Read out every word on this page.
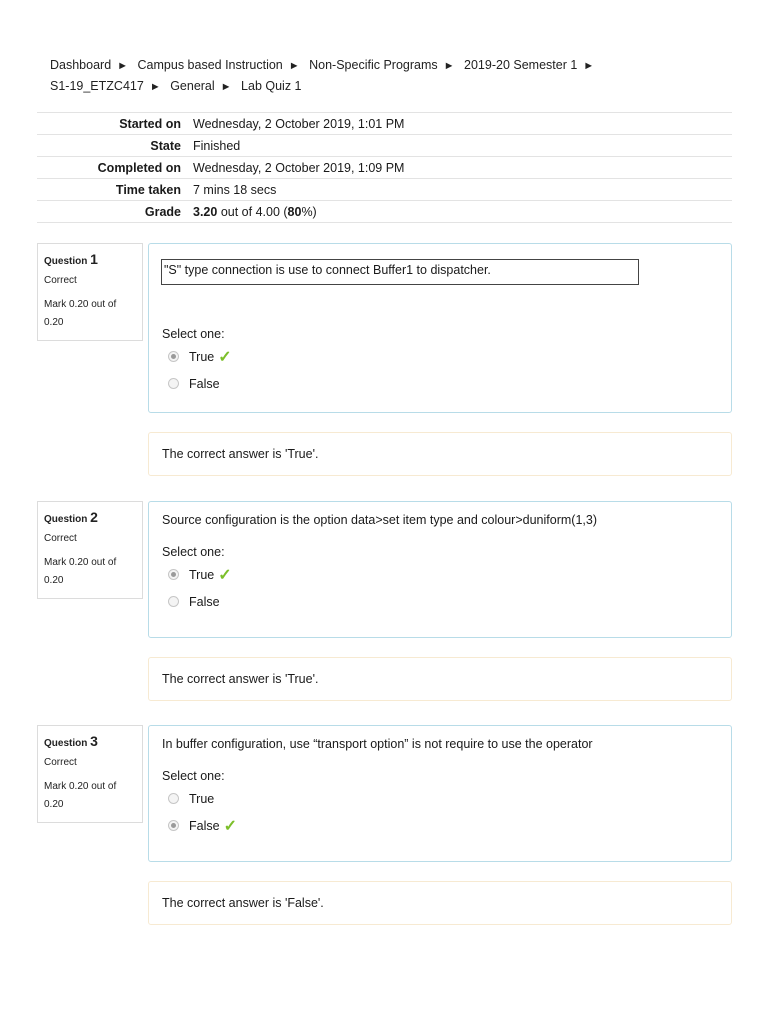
Dashboard ► Campus based Instruction ► Non-Specific Programs ► 2019-20 Semester 1 ►
S1-19_ETZC417 ► General ► Lab Quiz 1
Started on	Wednesday, 2 October 2019, 1:01 PM
State	Finished
Completed on	Wednesday, 2 October 2019, 1:09 PM
Time taken	7 mins 18 secs
Grade	3.20 out of 4.00 (80%)
Question 1
Correct
Mark 0.20 out of 0.20
"S" type connection is use to connect Buffer1 to dispatcher.
Select one:
True ✓
False
The correct answer is 'True'.
Question 2
Correct
Mark 0.20 out of 0.20
Source configuration is the option data>set item type and colour>duniform(1,3)
Select one:
True ✓
False
The correct answer is 'True'.
Question 3
Correct
Mark 0.20 out of 0.20
In buffer configuration, use “transport option” is not require to use the operator
Select one:
True
False ✓
The correct answer is 'False'.
